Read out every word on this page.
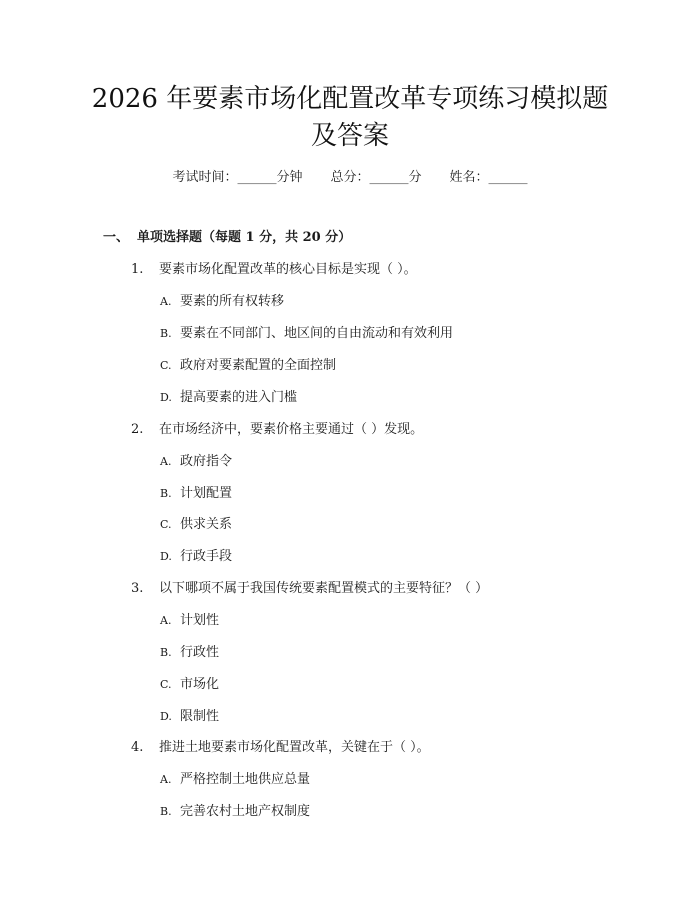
2026 年要素市场化配置改革专项练习模拟题
及答案
考试时间：______分钟 总分：______分 姓名：______
一、 单项选择题（每题 1 分，共 20 分）
1. 要素市场化配置改革的核心目标是实现（ ）。
A. 要素的所有权转移
B. 要素在不同部门、地区间的自由流动和有效利用
C. 政府对要素配置的全面控制
D. 提高要素的进入门槛
2. 在市场经济中，要素价格主要通过（ ）发现。
A. 政府指令
B. 计划配置
C. 供求关系
D. 行政手段
3. 以下哪项不属于我国传统要素配置模式的主要特征？（ ）
A. 计划性
B. 行政性
C. 市场化
D. 限制性
4. 推进土地要素市场化配置改革，关键在于（ ）。
A. 严格控制土地供应总量
B. 完善农村土地产权制度
